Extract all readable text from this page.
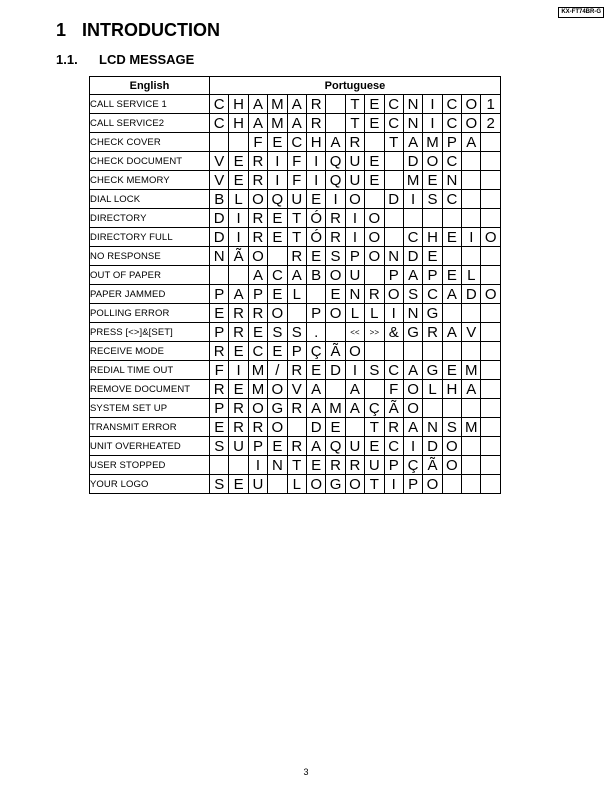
KX-FT74BR-G
1 INTRODUCTION
1.1. LCD MESSAGE
English	Portuguese														
CALL SERVICE 1	C	H	A	M	A	R		T	E	C	N	I	C	O	1
CALL SERVICE2	C	H	A	M	A	R		T	E	C	N	I	C	O	2
CHECK COVER			F	E	C	H	A	R		T	A	M	P	A	
CHECK DOCUMENT	V	E	R	I	F	I	Q	U	E		D	O	C		
CHECK MEMORY	V	E	R	I	F	I	Q	U	E		M	E	N		
DIAL LOCK	B	L	O	Q	U	E	I	O		D	I	S	C		
DIRECTORY	D	I	R	E	T	Ó	R	I	O						
DIRECTORY FULL	D	I	R	E	T	Ó	R	I	O		C	H	E	I	O
NO RESPONSE	N	Ã	O		R	E	S	P	O	N	D	E			
OUT OF PAPER			A	C	A	B	O	U		P	A	P	E	L	
PAPER JAMMED	P	A	P	E	L		E	N	R	O	S	C	A	D	O
POLLING ERROR	E	R	R	O		P	O	L	L	I	N	G			
PRESS [<>]&[SET]	P	R	E	S	S	.		<<	>>	&	G	R	A	V	
RECEIVE MODE	R	E	C	E	P	Ç	Ã	O							
REDIAL TIME OUT	F	I	M	/	R	E	D	I	S	C	A	G	E	M	
REMOVE DOCUMENT	R	E	M	O	V	A		A		F	O	L	H	A	
SYSTEM SET UP	P	R	O	G	R	A	M	A	Ç	Ã	O				
TRANSMIT ERROR	E	R	R	O		D	E		T	R	A	N	S	M	
UNIT OVERHEATED	S	U	P	E	R	A	Q	U	E	C	I	D	O		
USER STOPPED			I	N	T	E	R	R	U	P	Ç	Ã	O		
YOUR LOGO	S	E	U		L	O	G	O	T	I	P	O			
3
